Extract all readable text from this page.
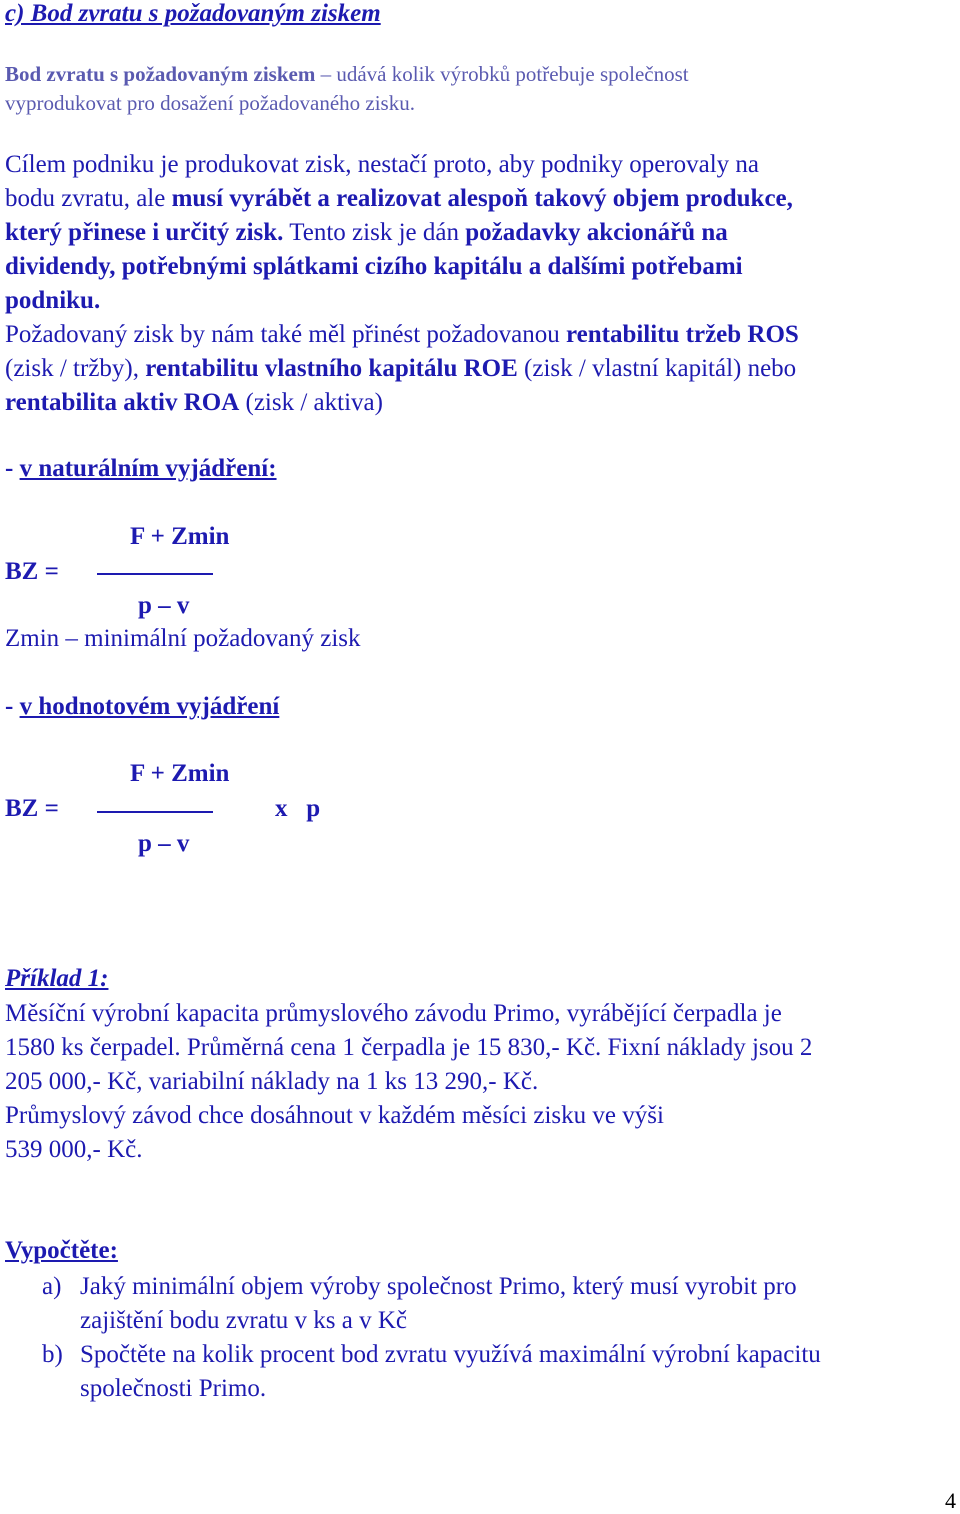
c) Bod zvratu s požadovaným ziskem
Bod zvratu s požadovaným ziskem – udává kolik výrobků potřebuje společnost
vyprodukovat pro dosažení požadovaného zisku.
Cílem podniku je produkovat zisk, nestačí proto, aby podniky operovaly na
bodu zvratu, ale musí vyrábět a realizovat alespoň takový objem produkce,
který přinese i určitý zisk. Tento zisk je dán požadavky akcionářů na
dividendy, potřebnými splátkami cizího kapitálu a dalšími potřebami
podniku.
Požadovaný zisk by nám také měl přinést požadovanou rentabilitu tržeb ROS
(zisk / tržby), rentabilitu vlastního kapitálu ROE (zisk / vlastní kapitál) nebo
rentabilita aktiv ROA (zisk / aktiva)
- v naturálním vyjádření:
F + Zmin
BZ =
p – v
Zmin – minimální požadovaný zisk
- v hodnotovém vyjádření
F + Zmin
BZ =	x   p
p – v
Příklad 1:
Měsíční výrobní kapacita průmyslového závodu Primo, vyrábějící čerpadla je
1580 ks čerpadel. Průměrná cena 1 čerpadla je 15 830,- Kč. Fixní náklady jsou 2
205 000,- Kč, variabilní náklady na 1 ks 13 290,- Kč.
Průmyslový závod chce dosáhnout v každém měsíci zisku ve výši
539 000,- Kč.
Vypočtěte:
a) Jaký minimální objem výroby společnost Primo, který musí vyrobit pro
zajištění bodu zvratu v ks a v Kč
b) Spočtěte na kolik procent bod zvratu využívá maximální výrobní kapacitu
společnosti Primo.
4
